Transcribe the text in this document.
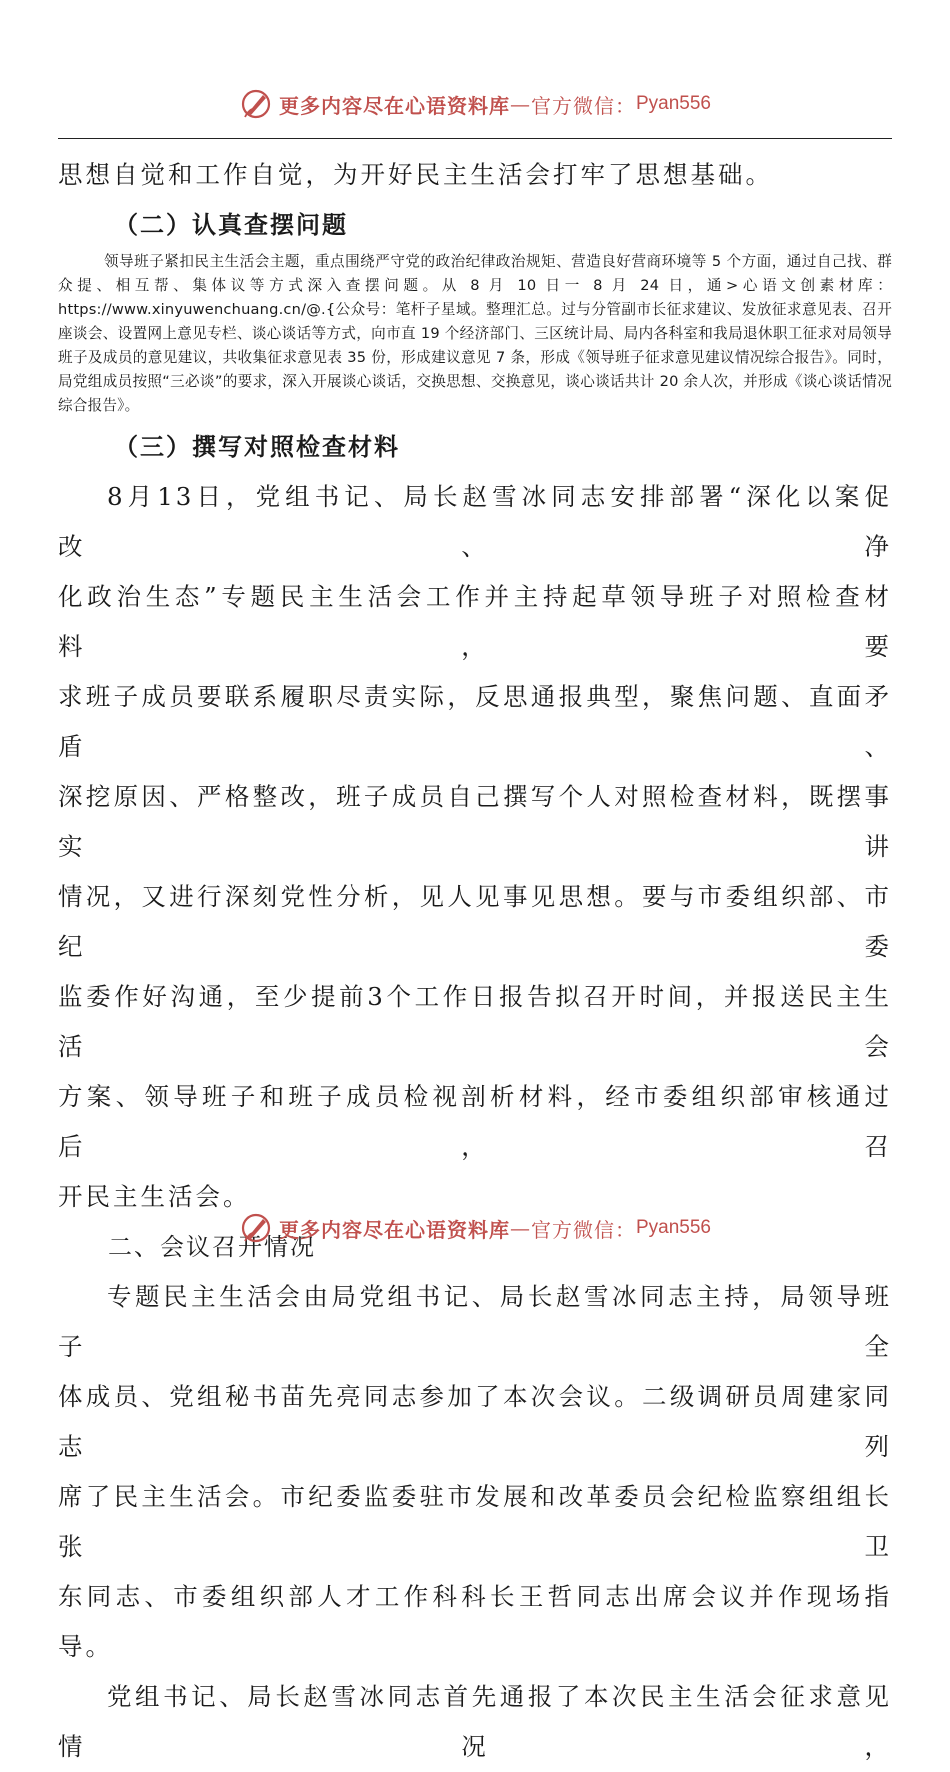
更多内容尽在心语资料库 — 官方微信： Pyan556

思想自觉和工作自觉，为开好民主生活会打牢了思想基础。

（二）认真查摆问题

领导班子紧扣民主生活会主题，重点围绕严守党的政治纪律政治规矩、营造良好营商环境等 5 个方面，通过自己找、群众提、相互帮、集体议等方式深入查摆问题。从 8 月 10 日一 8 月 24 日，通>心语文创素材库：https://www.xinyuwenchuang.cn/@.{公众号：笔杆子星域。整理汇总。过与分管副市长征求建议、发放征求意见表、召开座谈会、设置网上意见专栏、谈心谈话等方式，向市直 19 个经济部门、三区统计局、局内各科室和我局退休职工征求对局领导班子及成员的意见建议，共收集征求意见表 35 份，形成建议意见 7 条，形成《领导班子征求意见建议情况综合报告》。同时，局党组成员按照“三必谈”的要求，深入开展谈心谈话，交换思想、交换意见，谈心谈话共计 20 余人次，并形成《谈心谈话情况综合报告》。

（三）撰写对照检查材料

8月13日，党组书记、局长赵雪冰同志安排部署“深化以案促改、净

化政治生态”专题民主生活会工作并主持起草领导班子对照检查材料，要

求班子成员要联系履职尽责实际，反思通报典型，聚焦问题、直面矛盾、

深挖原因、严格整改，班子成员自己撰写个人对照检查材料，既摆事实讲

情况，又进行深刻党性分析，见人见事见思想。要与市委组织部、市纪委

监委作好沟通，至少提前3个工作日报告拟召开时间，并报送民主生活会

方案、领导班子和班子成员检视剖析材料，经市委组织部审核通过后，召

开民主生活会。

二、会议召开情况

专题民主生活会由局党组书记、局长赵雪冰同志主持，局领导班子全

体成员、党组秘书苗先亮同志参加了本次会议。二级调研员周建家同志列

席了民主生活会。市纪委监委驻市发展和改革委员会纪检监察组组长张卫

东同志、市委组织部人才工作科科长王哲同志出席会议并作现场指导。

党组书记、局长赵雪冰同志首先通报了本次民主生活会征求意见情况，

更多内容尽在心语资料库 — 官方微信： Pyan556
